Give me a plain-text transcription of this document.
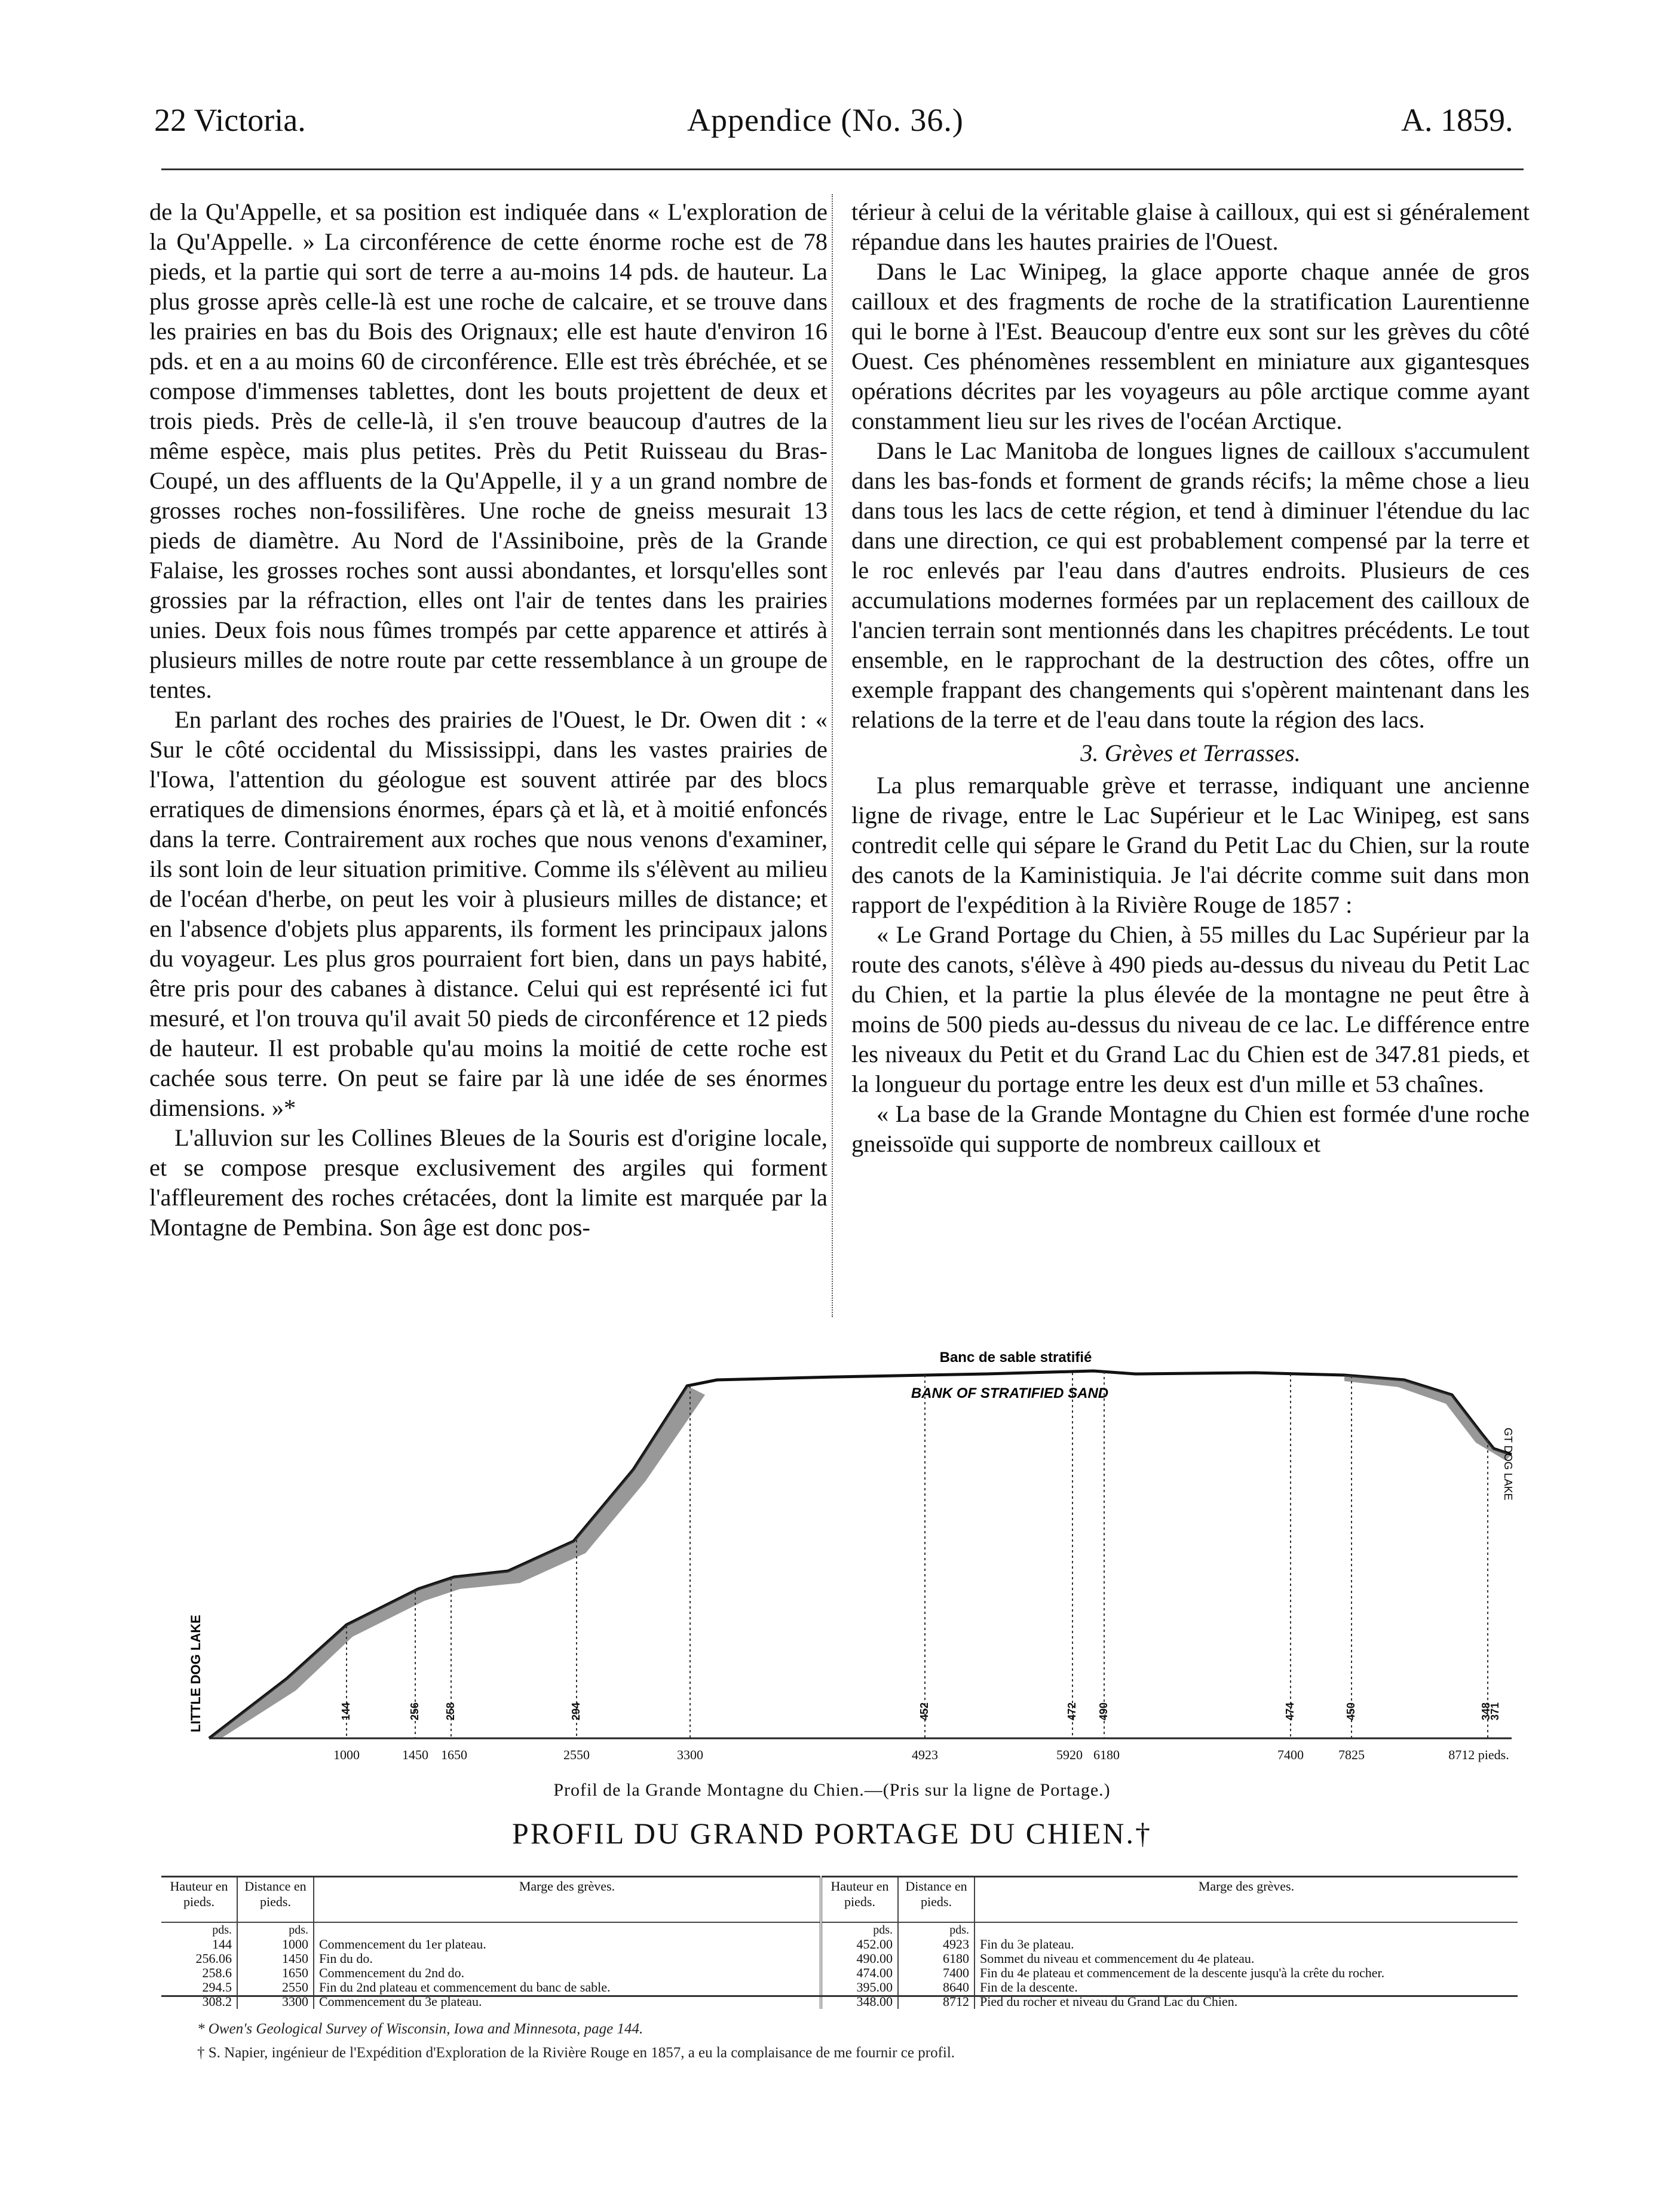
22 Victoria.	Appendice (No. 36.)	A. 1859.

de la Qu'Appelle, et sa position est indiquée dans « L'exploration de la Qu'Appelle. » La circonférence de cette énorme roche est de 78 pieds, et la partie qui sort de terre a au-moins 14 pds. de hauteur. La plus grosse après celle-là est une roche de calcaire, et se trouve dans les prairies en bas du Bois des Orignaux; elle est haute d'environ 16 pds. et en a au moins 60 de circonférence. Elle est très ébréchée, et se compose d'immenses tablettes, dont les bouts projettent de deux et trois pieds. Près de celle-là, il s'en trouve beaucoup d'autres de la même espèce, mais plus petites. Près du Petit Ruisseau du Bras-Coupé, un des affluents de la Qu'Appelle, il y a un grand nombre de grosses roches non-fossilifères. Une roche de gneiss mesurait 13 pieds de diamètre. Au Nord de l'Assiniboine, près de la Grande Falaise, les grosses roches sont aussi abondantes, et lorsqu'elles sont grossies par la réfraction, elles ont l'air de tentes dans les prairies unies. Deux fois nous fûmes trompés par cette apparence et attirés à plusieurs milles de notre route par cette ressemblance à un groupe de tentes.

En parlant des roches des prairies de l'Ouest, le Dr. Owen dit : « Sur le côté occidental du Mississippi, dans les vastes prairies de l'Iowa, l'attention du géologue est souvent attirée par des blocs erratiques de dimensions énormes, épars çà et là, et à moitié enfoncés dans la terre. Contrairement aux roches que nous venons d'examiner, ils sont loin de leur situation primitive. Comme ils s'élèvent au milieu de l'océan d'herbe, on peut les voir à plusieurs milles de distance; et en l'absence d'objets plus apparents, ils forment les principaux jalons du voyageur. Les plus gros pourraient fort bien, dans un pays habité, être pris pour des cabanes à distance. Celui qui est représenté ici fut mesuré, et l'on trouva qu'il avait 50 pieds de circonférence et 12 pieds de hauteur. Il est probable qu'au moins la moitié de cette roche est cachée sous terre. On peut se faire par là une idée de ses énormes dimensions. »*

L'alluvion sur les Collines Bleues de la Souris est d'origine locale, et se compose presque exclusivement des argiles qui forment l'affleurement des roches crétacées, dont la limite est marquée par la Montagne de Pembina. Son âge est donc pos-

térieur à celui de la véritable glaise à cailloux, qui est si généralement répandue dans les hautes prairies de l'Ouest.

Dans le Lac Winipeg, la glace apporte chaque année de gros cailloux et des fragments de roche de la stratification Laurentienne qui le borne à l'Est. Beaucoup d'entre eux sont sur les grèves du côté Ouest. Ces phénomènes ressemblent en miniature aux gigantesques opérations décrites par les voyageurs au pôle arctique comme ayant constamment lieu sur les rives de l'océan Arctique.

Dans le Lac Manitoba de longues lignes de cailloux s'accumulent dans les bas-fonds et forment de grands récifs; la même chose a lieu dans tous les lacs de cette région, et tend à diminuer l'étendue du lac dans une direction, ce qui est probablement compensé par la terre et le roc enlevés par l'eau dans d'autres endroits. Plusieurs de ces accumulations modernes formées par un replacement des cailloux de l'ancien terrain sont mentionnés dans les chapitres précédents. Le tout ensemble, en le rapprochant de la destruction des côtes, offre un exemple frappant des changements qui s'opèrent maintenant dans les relations de la terre et de l'eau dans toute la région des lacs.

3. Grèves et Terrasses.

La plus remarquable grève et terrasse, indiquant une ancienne ligne de rivage, entre le Lac Supérieur et le Lac Winipeg, est sans contredit celle qui sépare le Grand du Petit Lac du Chien, sur la route des canots de la Kaministiquia. Je l'ai décrite comme suit dans mon rapport de l'expédition à la Rivière Rouge de 1857 :

« Le Grand Portage du Chien, à 55 milles du Lac Supérieur par la route des canots, s'élève à 490 pieds au-dessus du niveau du Petit Lac du Chien, et la partie la plus élevée de la montagne ne peut être à moins de 500 pieds au-dessus du niveau de ce lac. Le différence entre les niveaux du Petit et du Grand Lac du Chien est de 347.81 pieds, et la longueur du portage entre les deux est d'un mille et 53 chaînes.

« La base de la Grande Montagne du Chien est formée d'une roche gneissoïde qui supporte de nombreux cailloux et

Banc de sable stratifié
BANK OF STRATIFIED SAND
LITTLE DOG LAKE
GT DOG LAKE
144	256 258	294	452	472 490	474	450	348
371
1000	1450 1650	2550	3300	4923	5920 6180	7400	7825	8712 pieds.
Profil de la Grande Montagne du Chien.—(Pris sur la ligne de Portage.)
PROFIL DU GRAND PORTAGE DU CHIEN.†
Hauteur en pieds.	Distance en pieds.	Marge des grèves.	Hauteur en pieds.	Distance en pieds.	Marge des grèves.
pds.	pds.		pds.	pds.	
144	1000	Commencement du 1er plateau.	452.00	4923	Fin du 3e plateau.
256.06	1450	Fin du do.	490.00	6180	Sommet du niveau et commencement du 4e plateau.
258.6	1650	Commencement du 2nd do.	474.00	7400	Fin du 4e plateau et commencement de la descente jusqu'à la crête du rocher.
294.5	2550	Fin du 2nd plateau et commencement du banc de sable.	395.00	8640	Fin de la descente.
308.2	3300	Commencement du 3e plateau.	348.00	8712	Pied du rocher et niveau du Grand Lac du Chien.
* Owen's Geological Survey of Wisconsin, Iowa and Minnesota, page 144.
† S. Napier, ingénieur de l'Expédition d'Exploration de la Rivière Rouge en 1857, a eu la complaisance de me fournir ce profil.
